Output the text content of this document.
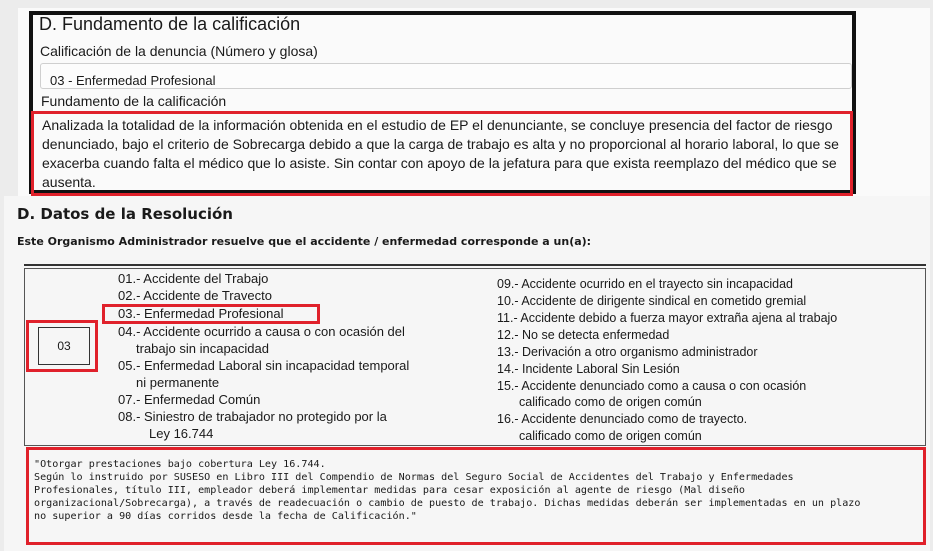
D. Fundamento de la calificación
Calificación de la denuncia (Número y glosa)
03 - Enfermedad Profesional
Fundamento de la calificación
Analizada la totalidad de la información obtenida en el estudio de EP el denunciante, se concluye presencia del factor de riesgo denunciado, bajo el criterio de Sobrecarga debido a que la carga de trabajo es alta y no proporcional al horario laboral, lo que se exacerba cuando falta el médico que lo asiste. Sin contar con apoyo de la jefatura para que exista reemplazo del médico que se ausenta.
D. Datos de la Resolución
Este Organismo Administrador resuelve que el accidente / enfermedad corresponde a un(a):
03
01.- Accidente del Trabajo
02.- Accidente de Travecto
03.- Enfermedad Profesional
04.- Accidente ocurrido a causa o con ocasión del
trabajo sin incapacidad
05.- Enfermedad Laboral sin incapacidad temporal
ni permanente
07.- Enfermedad Común
08.- Siniestro de trabajador no protegido por la
Ley 16.744
09.- Accidente ocurrido en el trayecto sin incapacidad
10.- Accidente de dirigente sindical en cometido gremial
11.- Accidente debido a fuerza mayor extraña ajena al trabajo
12.- No se detecta enfermedad
13.- Derivación a otro organismo administrador
14.- Incidente Laboral Sin Lesión
15.- Accidente denunciado como a causa o con ocasión
calificado como de origen común
16.- Accidente denunciado como de trayecto.
calificado como de origen común
"Otorgar prestaciones bajo cobertura Ley 16.744.
Según lo instruido por SUSESO en Libro III del Compendio de Normas del Seguro Social de Accidentes del Trabajo y Enfermedades
Profesionales, título III, empleador deberá implementar medidas para cesar exposición al agente de riesgo (Mal diseño
organizacional/Sobrecarga), a través de readecuación o cambio de puesto de trabajo. Dichas medidas deberán ser implementadas en un plazo
no superior a 90 días corridos desde la fecha de Calificación."
